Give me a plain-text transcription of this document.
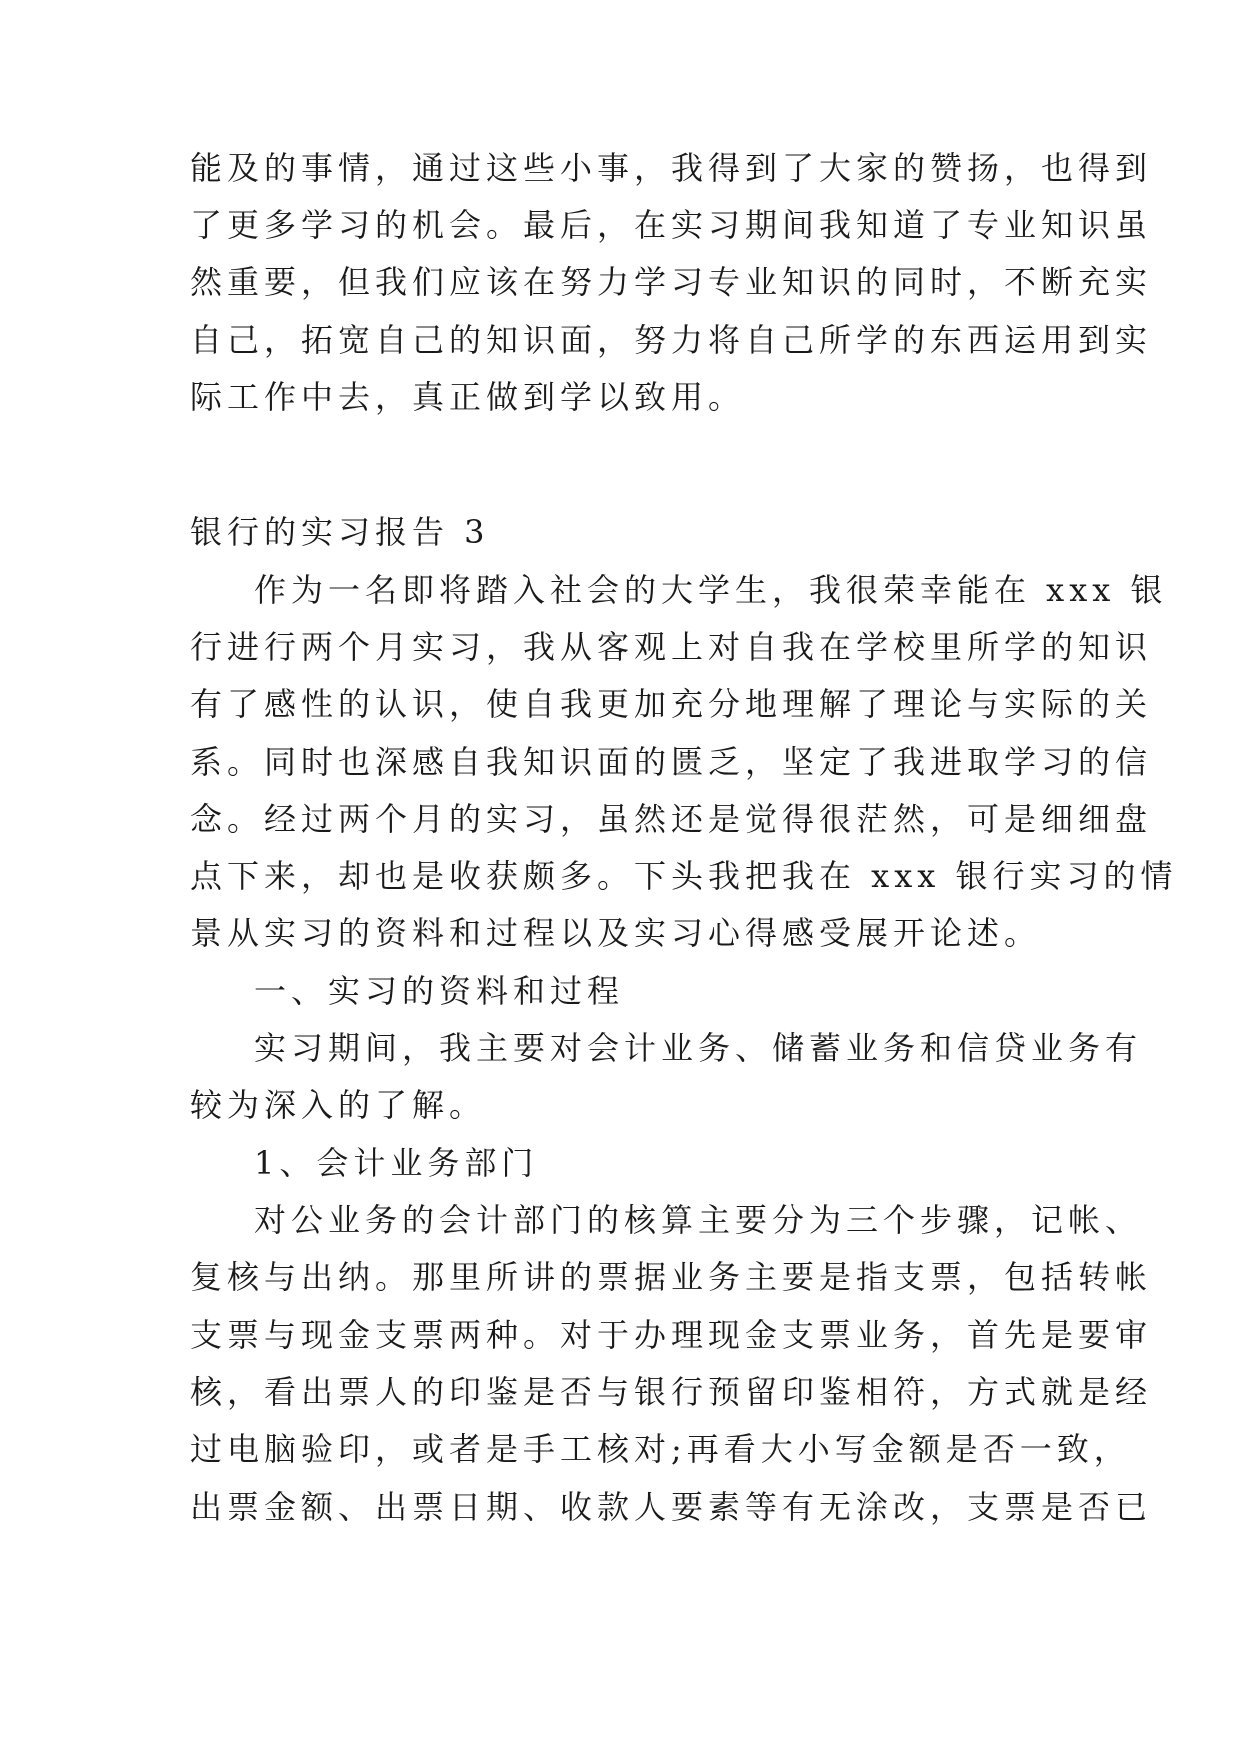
能及的事情，通过这些小事，我得到了大家的赞扬，也得到
了更多学习的机会。最后，在实习期间我知道了专业知识虽
然重要，但我们应该在努力学习专业知识的同时，不断充实
自己，拓宽自己的知识面，努力将自己所学的东西运用到实
际工作中去，真正做到学以致用。
银行的实习报告 3
作为一名即将踏入社会的大学生，我很荣幸能在 xxx 银
行进行两个月实习，我从客观上对自我在学校里所学的知识
有了感性的认识，使自我更加充分地理解了理论与实际的关
系。同时也深感自我知识面的匮乏，坚定了我进取学习的信
念。经过两个月的实习，虽然还是觉得很茫然，可是细细盘
点下来，却也是收获颇多。下头我把我在 xxx 银行实习的情
景从实习的资料和过程以及实习心得感受展开论述。
一、实习的资料和过程
实习期间，我主要对会计业务、储蓄业务和信贷业务有
较为深入的了解。
1、会计业务部门
对公业务的会计部门的核算主要分为三个步骤，记帐、
复核与出纳。那里所讲的票据业务主要是指支票，包括转帐
支票与现金支票两种。对于办理现金支票业务，首先是要审
核，看出票人的印鉴是否与银行预留印鉴相符，方式就是经
过电脑验印，或者是手工核对;再看大小写金额是否一致，
出票金额、出票日期、收款人要素等有无涂改，支票是否已
